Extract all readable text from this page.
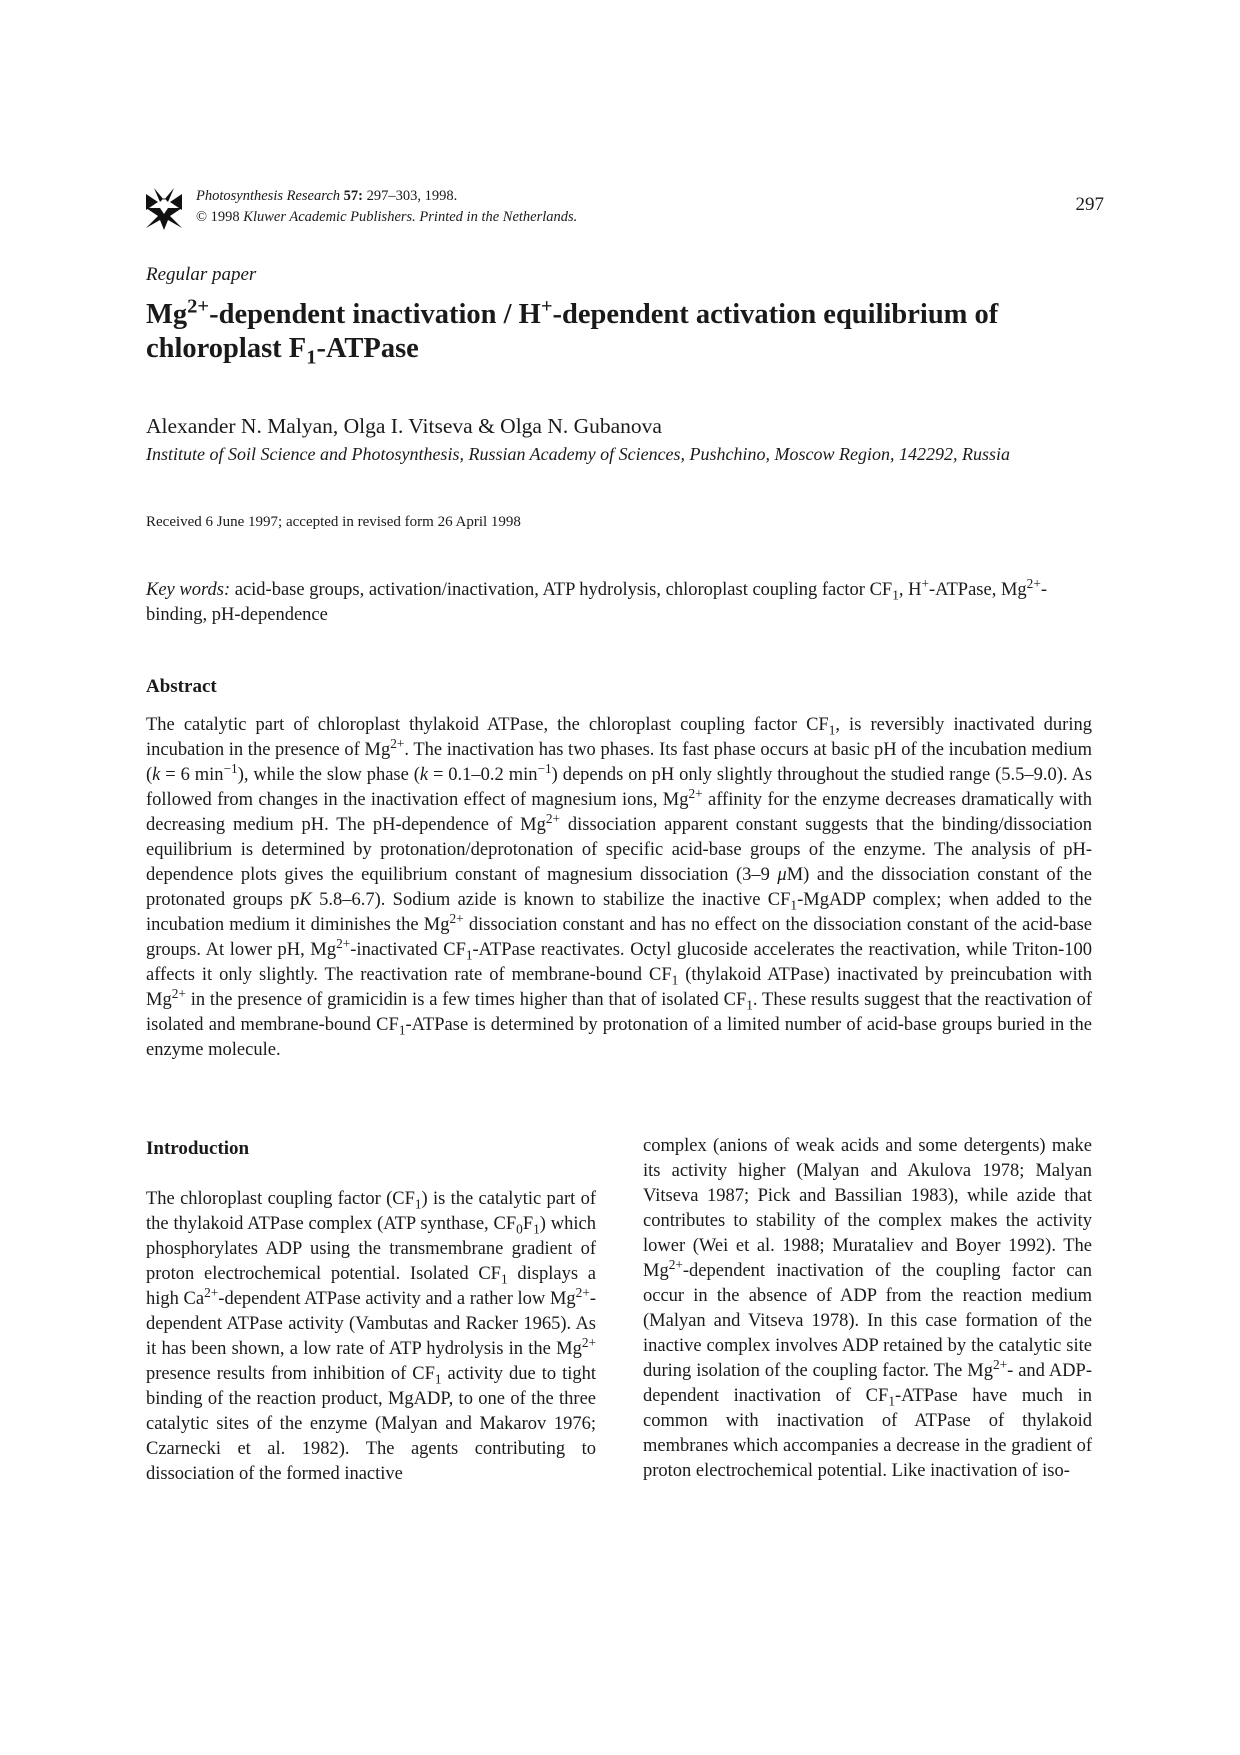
Photosynthesis Research 57: 297–303, 1998.
© 1998 Kluwer Academic Publishers. Printed in the Netherlands.
297
Regular paper
$Mg^{2+}$-dependent inactivation / H+-dependent activation equilibrium of chloroplast $F_1$-ATPase
Alexander N. Malyan, Olga I. Vitseva & Olga N. Gubanova
Institute of Soil Science and Photosynthesis, Russian Academy of Sciences, Pushchino, Moscow Region, 142292, Russia
Received 6 June 1997; accepted in revised form 26 April 1998
Key words: acid-base groups, activation/inactivation, ATP hydrolysis, chloroplast coupling factor $CF_1$, H+-ATPase, $Mg^{2+}$-binding, pH-dependence
Abstract

The catalytic part of chloroplast thylakoid ATPase, the chloroplast coupling factor $CF_1$, is reversibly inactivated during incubation in the presence of $Mg^{2+}$. The inactivation has two phases. Its fast phase occurs at basic pH of the incubation medium (k = 6 $\min^{-1}$), while the slow phase (k = 0.1–0.2 $\min^{-1}$) depends on pH only slightly throughout the studied range (5.5–9.0). As followed from changes in the inactivation effect of magnesium ions, $Mg^{2+}$ affinity for the enzyme decreases dramatically with decreasing medium pH. The pH-dependence of $Mg^{2+}$ dissociation apparent constant suggests that the binding/dissociation equilibrium is determined by protonation/deprotonation of specific acid-base groups of the enzyme. The analysis of pH-dependence plots gives the equilibrium constant of magnesium dissociation (3–9 μM) and the dissociation constant of the protonated groups pK 5.8–6.7). Sodium azide is known to stabilize the inactive $CF_1$-MgADP complex; when added to the incubation medium it diminishes the $Mg^{2+}$ dissociation constant and has no effect on the dissociation constant of the acid-base groups. At lower pH, $Mg^{2+}$-inactivated $CF_1$-ATPase reactivates. Octyl glucoside accelerates the reactivation, while Triton-100 affects it only slightly. The reactivation rate of membrane-bound $CF_1$ (thylakoid ATPase) inactivated by preincubation with $Mg^{2+}$ in the presence of gramicidin is a few times higher than that of isolated $CF_1$. These results suggest that the reactivation of isolated and membrane-bound $CF_1$-ATPase is determined by protonation of a limited number of acid-base groups buried in the enzyme molecule.

Introduction

The chloroplast coupling factor $(CF_1)$ is the catalytic part of the thylakoid ATPase complex (ATP synthase, $CF_0F_1$) which phosphorylates ADP using the transmembrane gradient of proton electrochemical potential. Isolated $CF_1$ displays a high $Ca^{2+}$-dependent ATPase activity and a rather low $Mg^{2+}$-dependent ATPase activity (Vambutas and Racker 1965). As it has been shown, a low rate of ATP hydrolysis in the $Mg^{2+}$ presence results from inhibition of $CF_1$ activity due to tight binding of the reaction product, MgADP, to one of the three catalytic sites of the enzyme (Malyan and Makarov 1976; Czarnecki et al. 1982). The agents contributing to dissociation of the formed inactive

complex (anions of weak acids and some detergents) make its activity higher (Malyan and Akulova 1978; Malyan Vitseva 1987; Pick and Bassilian 1983), while azide that contributes to stability of the complex makes the activity lower (Wei et al. 1988; Murataliev and Boyer 1992). The $Mg^{2+}$-dependent inactivation of the coupling factor can occur in the absence of ADP from the reaction medium (Malyan and Vitseva 1978). In this case formation of the inactive complex involves ADP retained by the catalytic site during isolation of the coupling factor. The $Mg^{2+}-$ and ADP-dependent inactivation of $CF_1$-ATPase have much in common with inactivation of ATPase of thylakoid membranes which accompanies a decrease in the gradient of proton electrochemical potential. Like inactivation of iso-
